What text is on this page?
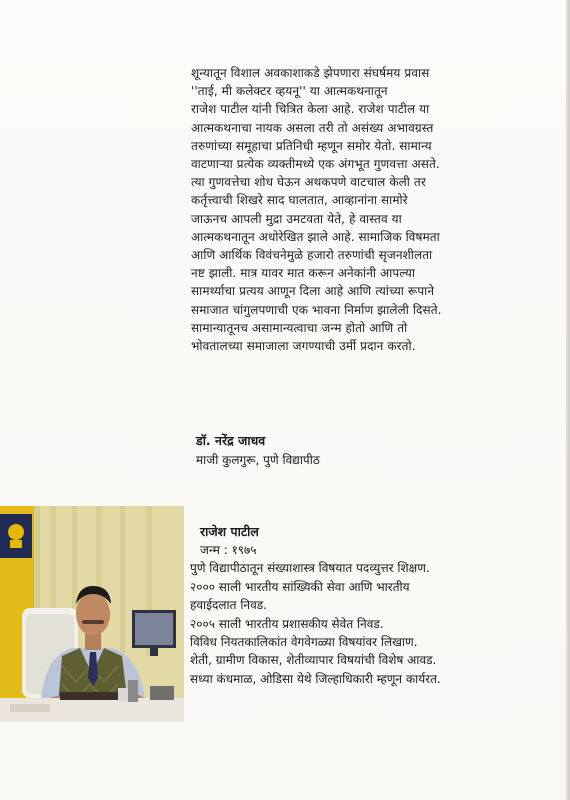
शून्यातून विशाल अवकाशाकडे झेपणारा संघर्षमय प्रवास
''ताई, मी कलेक्टर व्हयनू'' या आत्मकथनातून
राजेश पाटील यांनी चित्रित केला आहे. राजेश पाटील या
आत्मकथनाचा नायक असला तरी तो असंख्य अभावग्रस्त
तरुणांच्या समूहाचा प्रतिनिधी म्हणून समोर येतो. सामान्य
वाटणाऱ्या प्रत्येक व्यक्तीमध्ये एक अंगभूत गुणवत्ता असते.
त्या गुणवत्तेचा शोध घेऊन अथकपणे वाटचाल केली तर
कर्तृत्त्वाची शिखरे साद घालतात, आव्हानांना सामोरे
जाऊनच आपली मुद्रा उमटवता येते, हे वास्तव या
आत्मकथनातून अधोरेखित झाले आहे. सामाजिक विषमता
आणि आर्थिक विवंचनेमुळे हजारो तरुणांची सृजनशीलता
नष्ट झाली. मात्र यावर मात करून अनेकांनी आपल्या
सामर्थ्याचा प्रत्यय आणून दिला आहे आणि त्यांच्या रूपाने
समाजात चांगुलपणाची एक भावना निर्माण झालेली दिसते.
सामान्यातूनच असामान्यत्वाचा जन्म होतो आणि तो
भोवतालच्या समाजाला जगण्याची उर्मी प्रदान करतो.
डॉ. नरेंद्र जाधव
माजी कुलगुरू, पुणे विद्यापीठ
राजेश पाटील
जन्म : १९७५
पुणे विद्यापीठातून संख्याशास्त्र विषयात पदव्युत्तर शिक्षण.
२००० साली भारतीय सांख्यिकी सेवा आणि भारतीय
हवाईदलात निवड.
२००५ साली भारतीय प्रशासकीय सेवेत निवड.
विविध नियतकालिकांत वेगवेगळ्या विषयांवर लिखाण.
शेती, ग्रामीण विकास, शेतीव्यापार विषयांची विशेष आवड.
सध्या कंधमाळ, ओडिसा येथे जिल्हाधिकारी म्हणून कार्यरत.
